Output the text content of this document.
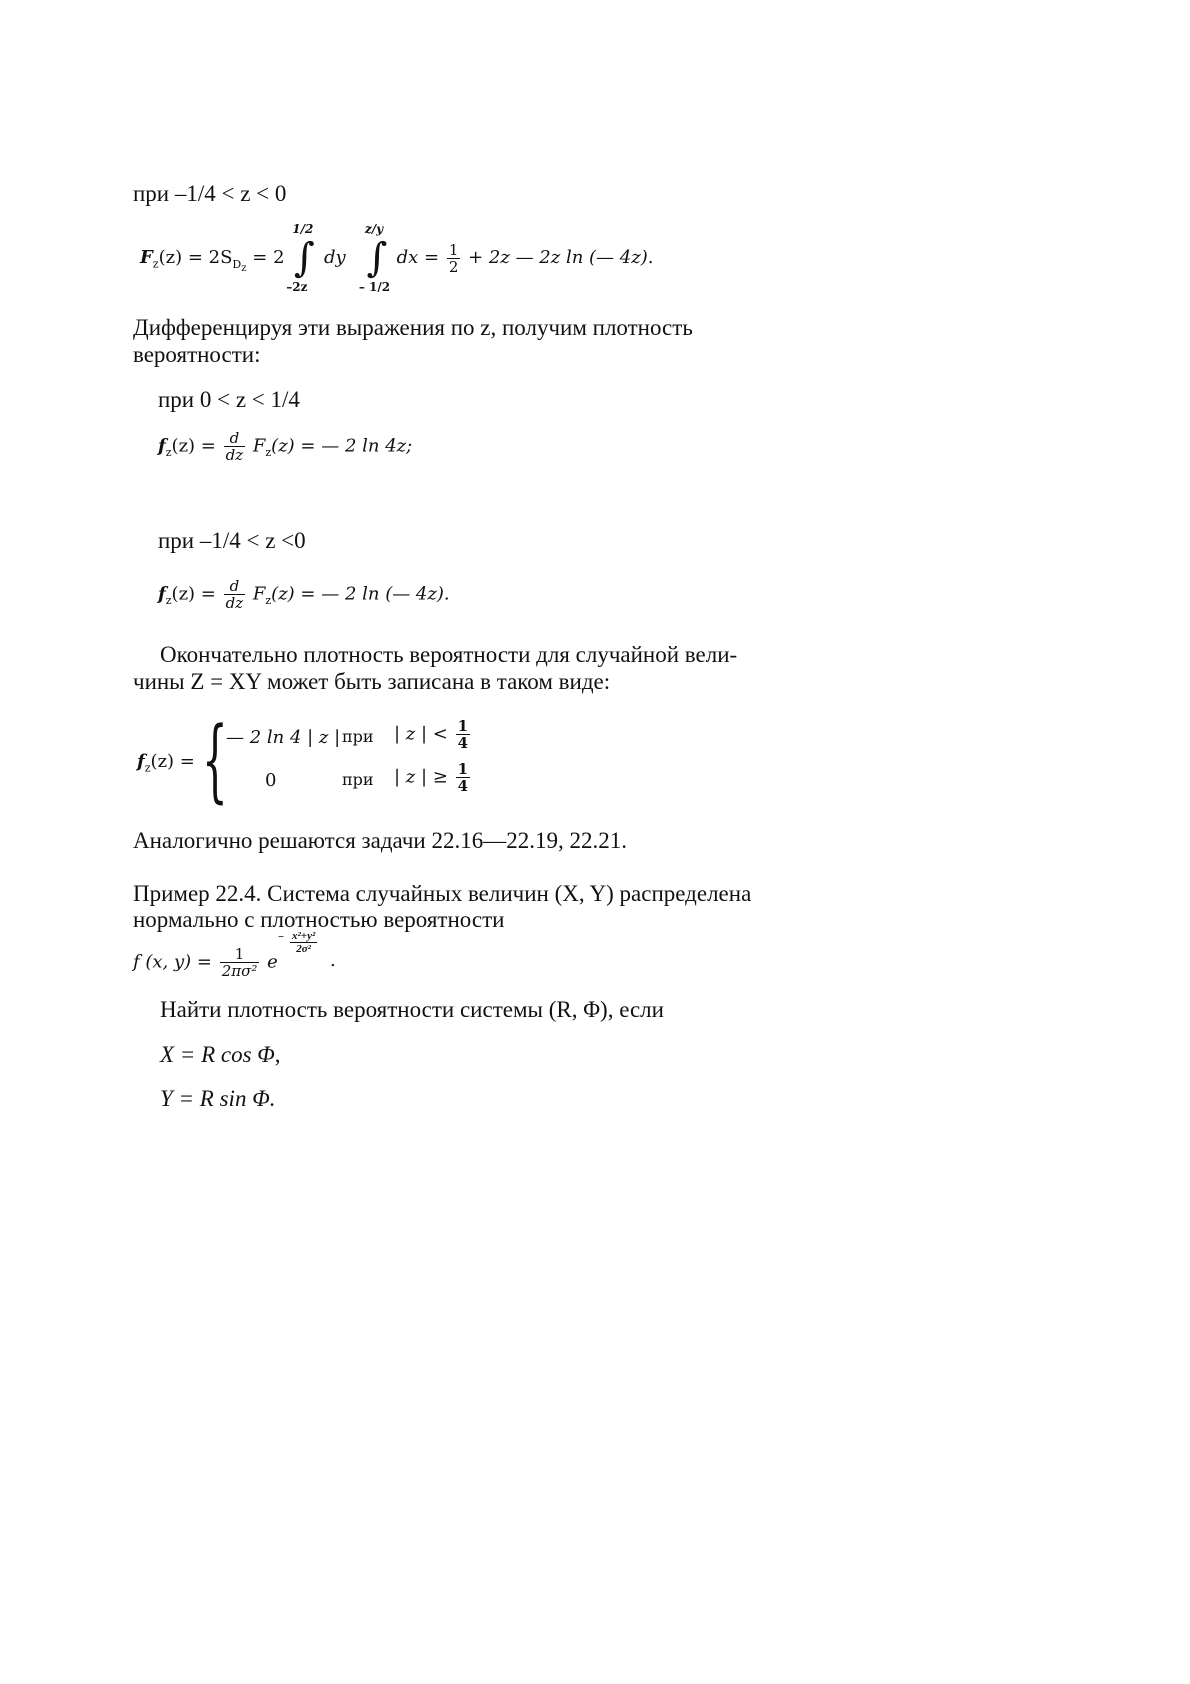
при –1/4 < z < 0
$F_z(z) = 2S_{D_z} = 2$
1/2
∫
–2z
dy
z/y
∫
– 1/2
dx = $\frac{1}{2} + 2z$ — 2z ln (— 4z).
Дифференцируя эти выражения по z, получим плотность
вероятности:
при 0 < z < 1/4
$f_z(z) = \frac{d}{dz} F_z(z)$ = — 2 ln 4z;
при –1/4 < z <0
$f_z(z) = \frac{d}{dz} F_z(z)$ = — 2 ln (— 4z).
Окончательно плотность вероятности для случайной вели-
чины Z = XY может быть записана в таком виде:
$f_z(z)$ = {
— 2 ln 4 | z | при | z | < $\frac{1}{4}$
0	при | z | ≥ $\frac{1}{4}$
Аналогично решаются задачи 22.16—22.19, 22.21.
Пример 22.4. Система случайных величин (X, Y) распределена
нормально с плотностью вероятности
f (x, $y) = \frac{1}{\text{2πσ²}}$ e
– $\frac{\text{x²+y²}}{\text{2σ²}}$
.
Найти плотность вероятности системы (R, Φ), если
X = R cos Φ,
Y = R sin Φ.
